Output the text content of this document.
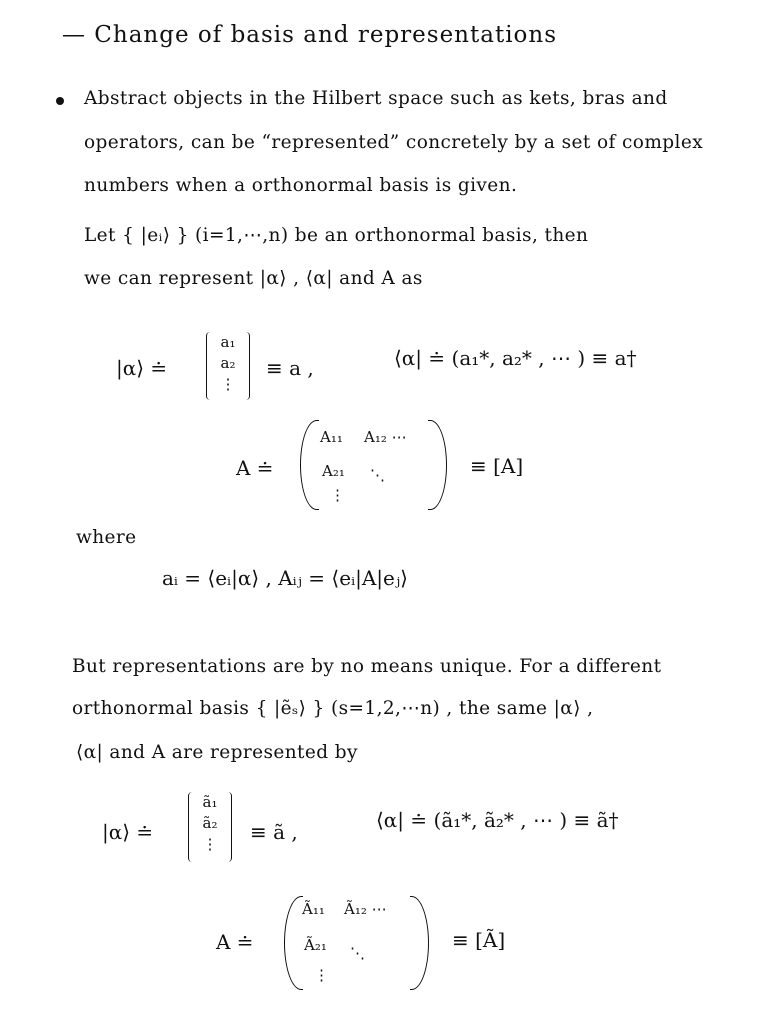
— Change of basis and representations
Abstract objects in the Hilbert space such as kets, bras and
operators, can be “represented” concretely by a set of complex
numbers when a orthonormal basis is given.
Let { |eᵢ⟩ } (i=1,⋯,n) be an orthonormal basis, then
we can represent |α⟩ , ⟨α| and A as
|α⟩ ≐
a₁
a₂
⋮
≡ a ,	⟨α| ≐ (a₁*, a₂* , ⋯ ) ≡ a†
A ≐
A₁₁ A₁₂ ⋯
A₂₁ ⋱
⋮
≡ [A]
where
aᵢ = ⟨eᵢ|α⟩ , Aᵢⱼ = ⟨eᵢ|A|eⱼ⟩
But representations are by no means unique. For a different
orthonormal basis { |ẽₛ⟩ } (s=1,2,⋯n) , the same |α⟩ ,
⟨α| and A are represented by
|α⟩ ≐
ã₁
ã₂
⋮	≡ ã ,	⟨α| ≐ (ã₁*, ã₂* , ⋯ ) ≡ ã†
A ≐
Ã₁₁ Ã₁₂ ⋯
Ã₂₁ ⋱
⋮
≡ [Ã]
